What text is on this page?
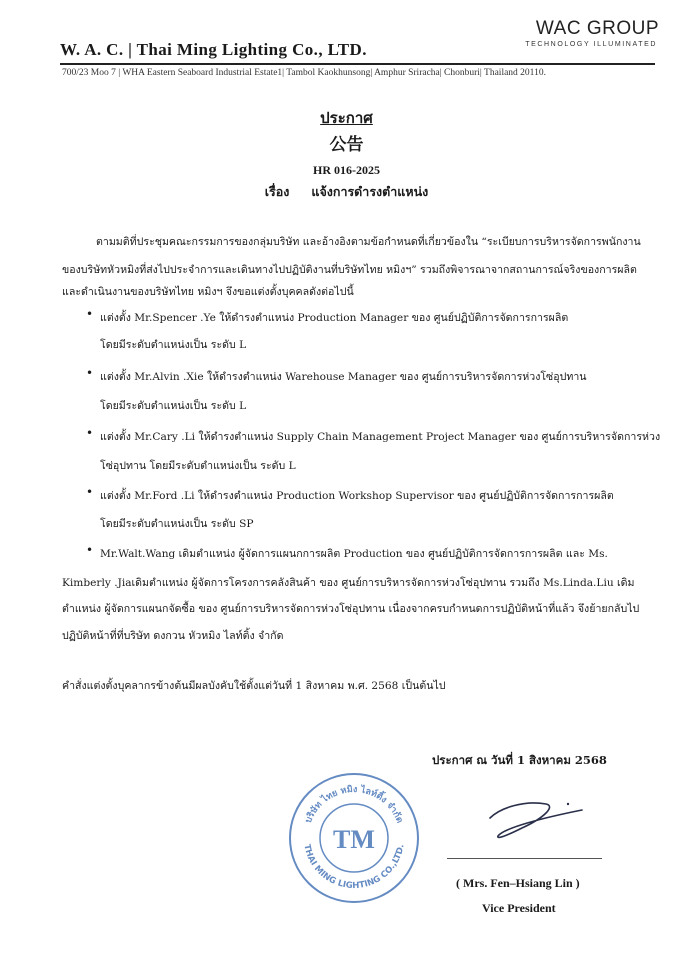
WAC GROUP
TECHNOLOGY ILLUMINATED
W. A. C. | Thai Ming Lighting Co., LTD.
700/23 Moo 7 | WHA Eastern Seaboard Industrial Estate1| Tambol Kaokhunsong| Amphur Sriracha| Chonburi| Thailand 20110.
ประกาศ
公告
HR 016-2025
เรื่อง แจ้งการดำรงตำแหน่ง
ตามมติที่ประชุมคณะกรรมการของกลุ่มบริษัท และอ้างอิงตามข้อกำหนดที่เกี่ยวข้องใน “ระเบียบการบริหารจัดการพนักงาน
ของบริษัทหัวหมิงที่ส่งไปประจำการและเดินทางไปปฏิบัติงานที่บริษัทไทย หมิงฯ” รวมถึงพิจารณาจากสถานการณ์จริงของการผลิต
และดำเนินงานของบริษัทไทย หมิงฯ จึงขอแต่งตั้งบุคคลดังต่อไปนี้
• แต่งตั้ง Mr.Spencer .Ye ให้ดำรงตำแหน่ง Production Manager ของ ศูนย์ปฏิบัติการจัดการการผลิต
โดยมีระดับตำแหน่งเป็น ระดับ L
• แต่งตั้ง Mr.Alvin .Xie ให้ดำรงตำแหน่ง Warehouse Manager ของ ศูนย์การบริหารจัดการห่วงโซ่อุปทาน
โดยมีระดับตำแหน่งเป็น ระดับ L
• แต่งตั้ง Mr.Cary .Li ให้ดำรงตำแหน่ง Supply Chain Management Project Manager ของ ศูนย์การบริหารจัดการห่วง
โซ่อุปทาน โดยมีระดับตำแหน่งเป็น ระดับ L
• แต่งตั้ง Mr.Ford .Li ให้ดำรงตำแหน่ง Production Workshop Supervisor ของ ศูนย์ปฏิบัติการจัดการการผลิต
โดยมีระดับตำแหน่งเป็น ระดับ SP
• Mr.Walt.Wang เดิมตำแหน่ง ผู้จัดการแผนกการผลิต Production ของ ศูนย์ปฏิบัติการจัดการการผลิต และ Ms.
Kimberly .Jiaเดิมตำแหน่ง ผู้จัดการโครงการคลังสินค้า ของ ศูนย์การบริหารจัดการห่วงโซ่อุปทาน รวมถึง Ms.Linda.Liu เดิม
ตำแหน่ง ผู้จัดการแผนกจัดซื้อ ของ ศูนย์การบริหารจัดการห่วงโซ่อุปทาน เนื่องจากครบกำหนดการปฏิบัติหน้าที่แล้ว จึงย้ายกลับไป
ปฏิบัติหน้าที่ที่บริษัท ดงกวน หัวหมิง ไลท์ติ้ง จำกัด
คำสั่งแต่งตั้งบุคลากรข้างต้นมีผลบังคับใช้ตั้งแต่วันที่ 1 สิงหาคม พ.ศ. 2568 เป็นต้นไป
ประกาศ ณ วันที่ 1 สิงหาคม 2568
( Mrs. Fen–Hsiang Lin )
Vice President
บริษัท ไทย หมิง ไลท์ติ้ง จำกัด
THAI MING LIGHTING CO.,LTD.
TM
